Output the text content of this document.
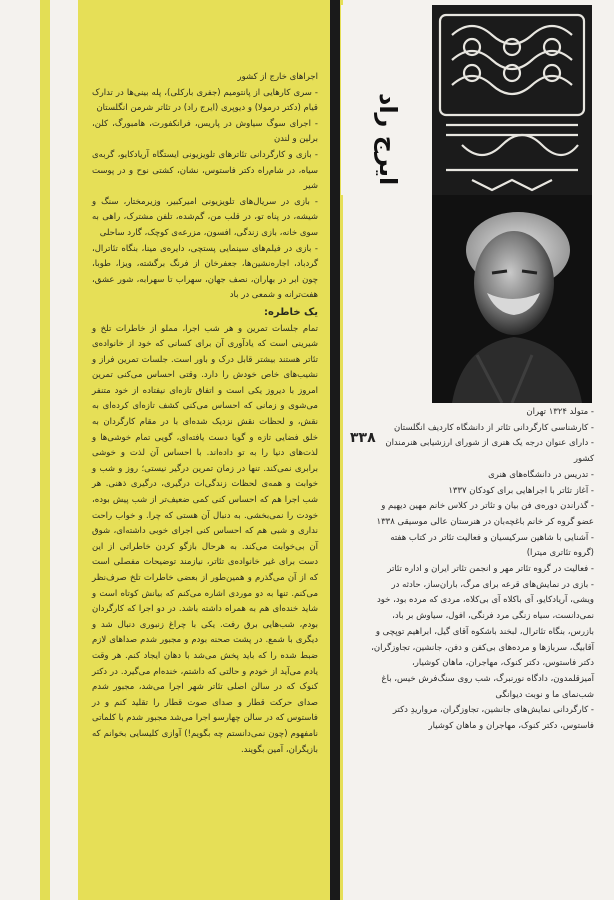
اجراهای خارج از کشور

- سری کارهایی از پانتومیم (جفری بارکلی)، پله بینی‌ها در تدارک قیام (دکتر درمولا) و دیوپری (ایرج راد) در تئاتر شرمن انگلستان

- اجرای سوگ سیاوش در پاریس، فرانکفورت، هامبورگ، کلن، برلین و لندن

- بازی و کارگردانی تئاترهای تلویزیونی ایستگاه آریادکایو، گربه‌ی سیاه، در شام‌راه دکتر فاستوس، نشان، کشتی نوح و در پوست شیر

- بازی در سریال‌های تلویزیونی امیرکبیر، وزیرمختار، سنگ و شیشه، در پناه تو، در قلب من، گم‌شده، تلفن مشترک، راهی به سوی خانه، بازی زندگی، افسون، مزرعه‌ی کوچک، گارد ساحلی

- بازی در فیلم‌های سینمایی پستچی، دایره‌ی مینا، بنگاه تئاترال، گردباد، اجاره‌نشین‌ها، جعفرخان از فرنگ برگشته، ویزا، طوبا، چون ابر در بهاران، نصف جهان، سهراب تا سهرابه، شور عشق، هفت‌ترانه و شمعی در باد

یک خاطره:

تمام جلسات تمرین و هر شب اجرا، مملو از خاطرات تلخ و شیرینی است که یادآوری آن برای کسانی که خود از خانواده‌ی تئاتر هستند بیشتر قابل درک و باور است. جلسات تمرین فراز و نشیب‌های خاص خودش را دارد. وقتی احساس می‌کنی تمرین امروز با دیروز یکی است و اتفاق تازه‌ای نیفتاده از خود متنفر می‌شوی و زمانی که احساس می‌کنی کشف تازه‌ای کرده‌ای به نقش، و لحظات نقش نزدیک شده‌ای با در مقام کارگردان به خلق فضایی تازه و گویا دست یافته‌ای، گویی تمام خوشی‌ها و لذت‌های دنیا را به تو داده‌اند. با احساس آن لذت و خوشی برابری نمی‌کند. تنها در زمان تمرین درگیر نیستی؛ روز و شب و خوابت و همه‌ی لحظات زندگی‌ات درگیری، درگیری ذهنی. هر شب اجرا هم که احساس کنی کمی ضعیف‌تر از شب پیش بوده، خودت را نمی‌بخشی. به دنبال آن هستی که چرا. و خواب راحت نداری و شبی هم که احساس کنی اجرای خوبی داشته‌ای، شوق آن بی‌خوابت می‌کند. به هرحال بازگو کردن خاطراتی از این دست برای غیر خانواده‌ی تئاتر، نیازمند توضیحات مفصلی است که از آن می‌گذرم و همین‌طور از بعضی خاطرات تلخ صرف‌نظر می‌کنم. تنها به دو موردی اشاره می‌کنم که بیانش کوتاه است و شاید خنده‌ای هم به همراه داشته باشد. در دو اجرا که کارگردان بودم، شب‌هایی برق رفت. یکی با چراغ زنبوری دنبال شد و دیگری با شمع. در پشت صحنه بودم و مجبور شدم صداهای لازم ضبط شده را که باید پخش می‌شد با دهان ایجاد کنم. هر وقت یادم می‌آید از خودم و حالتی که داشتم، خنده‌ام می‌گیرد. در دکتر کنوک که در سالن اصلی تئاتر شهر اجرا می‌شد، مجبور شدم صدای حرکت قطار و صدای صوت قطار را تقلید کنم و در فاستوس که در سالن چهارسو اجرا می‌شد مجبور شدم با کلماتی نامفهوم (چون نمی‌دانستم چه بگویم!) آوازی کلیسایی بخوانم که بازیگران، آمین بگویند.

ایرج راد
۳۳۸

- متولد ۱۳۲۴ تهران

- کارشناسی کارگردانی تئاتر از دانشگاه کاردیف انگلستان

- دارای عنوان درجه یک هنری از شورای ارزشیابی هنرمندان کشور

- تدریس در دانشگاه‌های هنری

- آغاز تئاتر با اجراهایی برای کودکان ۱۳۳۷

- گذراندن دوره‌ی فن بیان و تئاتر در کلاس خانم مهین دیهیم و عضو گروه کر خانم باغچه‌بان در هنرستان عالی موسیقی ۱۳۳۸

- آشنایی با شاهین سرکیسیان و فعالیت تئاتر در کتاب هفته (گروه تئاتری میترا)

- فعالیت در گروه تئاتر مهر و انجمن تئاتر ایران و اداره تئاتر

- بازی در نمایش‌های قرعه برای مرگ، باران‌ساز، حادثه در ویشی، آریادکایو، آی باکلاه آی بی‌کلاه، مردی که مرده بود، خود نمی‌دانست، سیاه زنگی مرد فرنگی، افول، سیاوش بر باد، بازرس، بنگاه تئاترال، لبخند باشکوه آقای گیل، ابراهیم توپچی و آقابیگ، سربازها و مرده‌های بی‌کفن و دفن، جانشین، تجاوزگران، دکتر فاستوس، دکتر کنوک، مهاجران، ماهان کوشیار، آمیزقلمدون، دادگاه نورنبرگ، شب روی سنگ‌فرش خیس، باغ شب‌نمای ما و نوبت دیوانگی

- کارگردانی نمایش‌های جانشین، تجاوزگران، مرواریدِ دکتر فاستوس، دکتر کنوک، مهاجران و ماهان کوشیار
